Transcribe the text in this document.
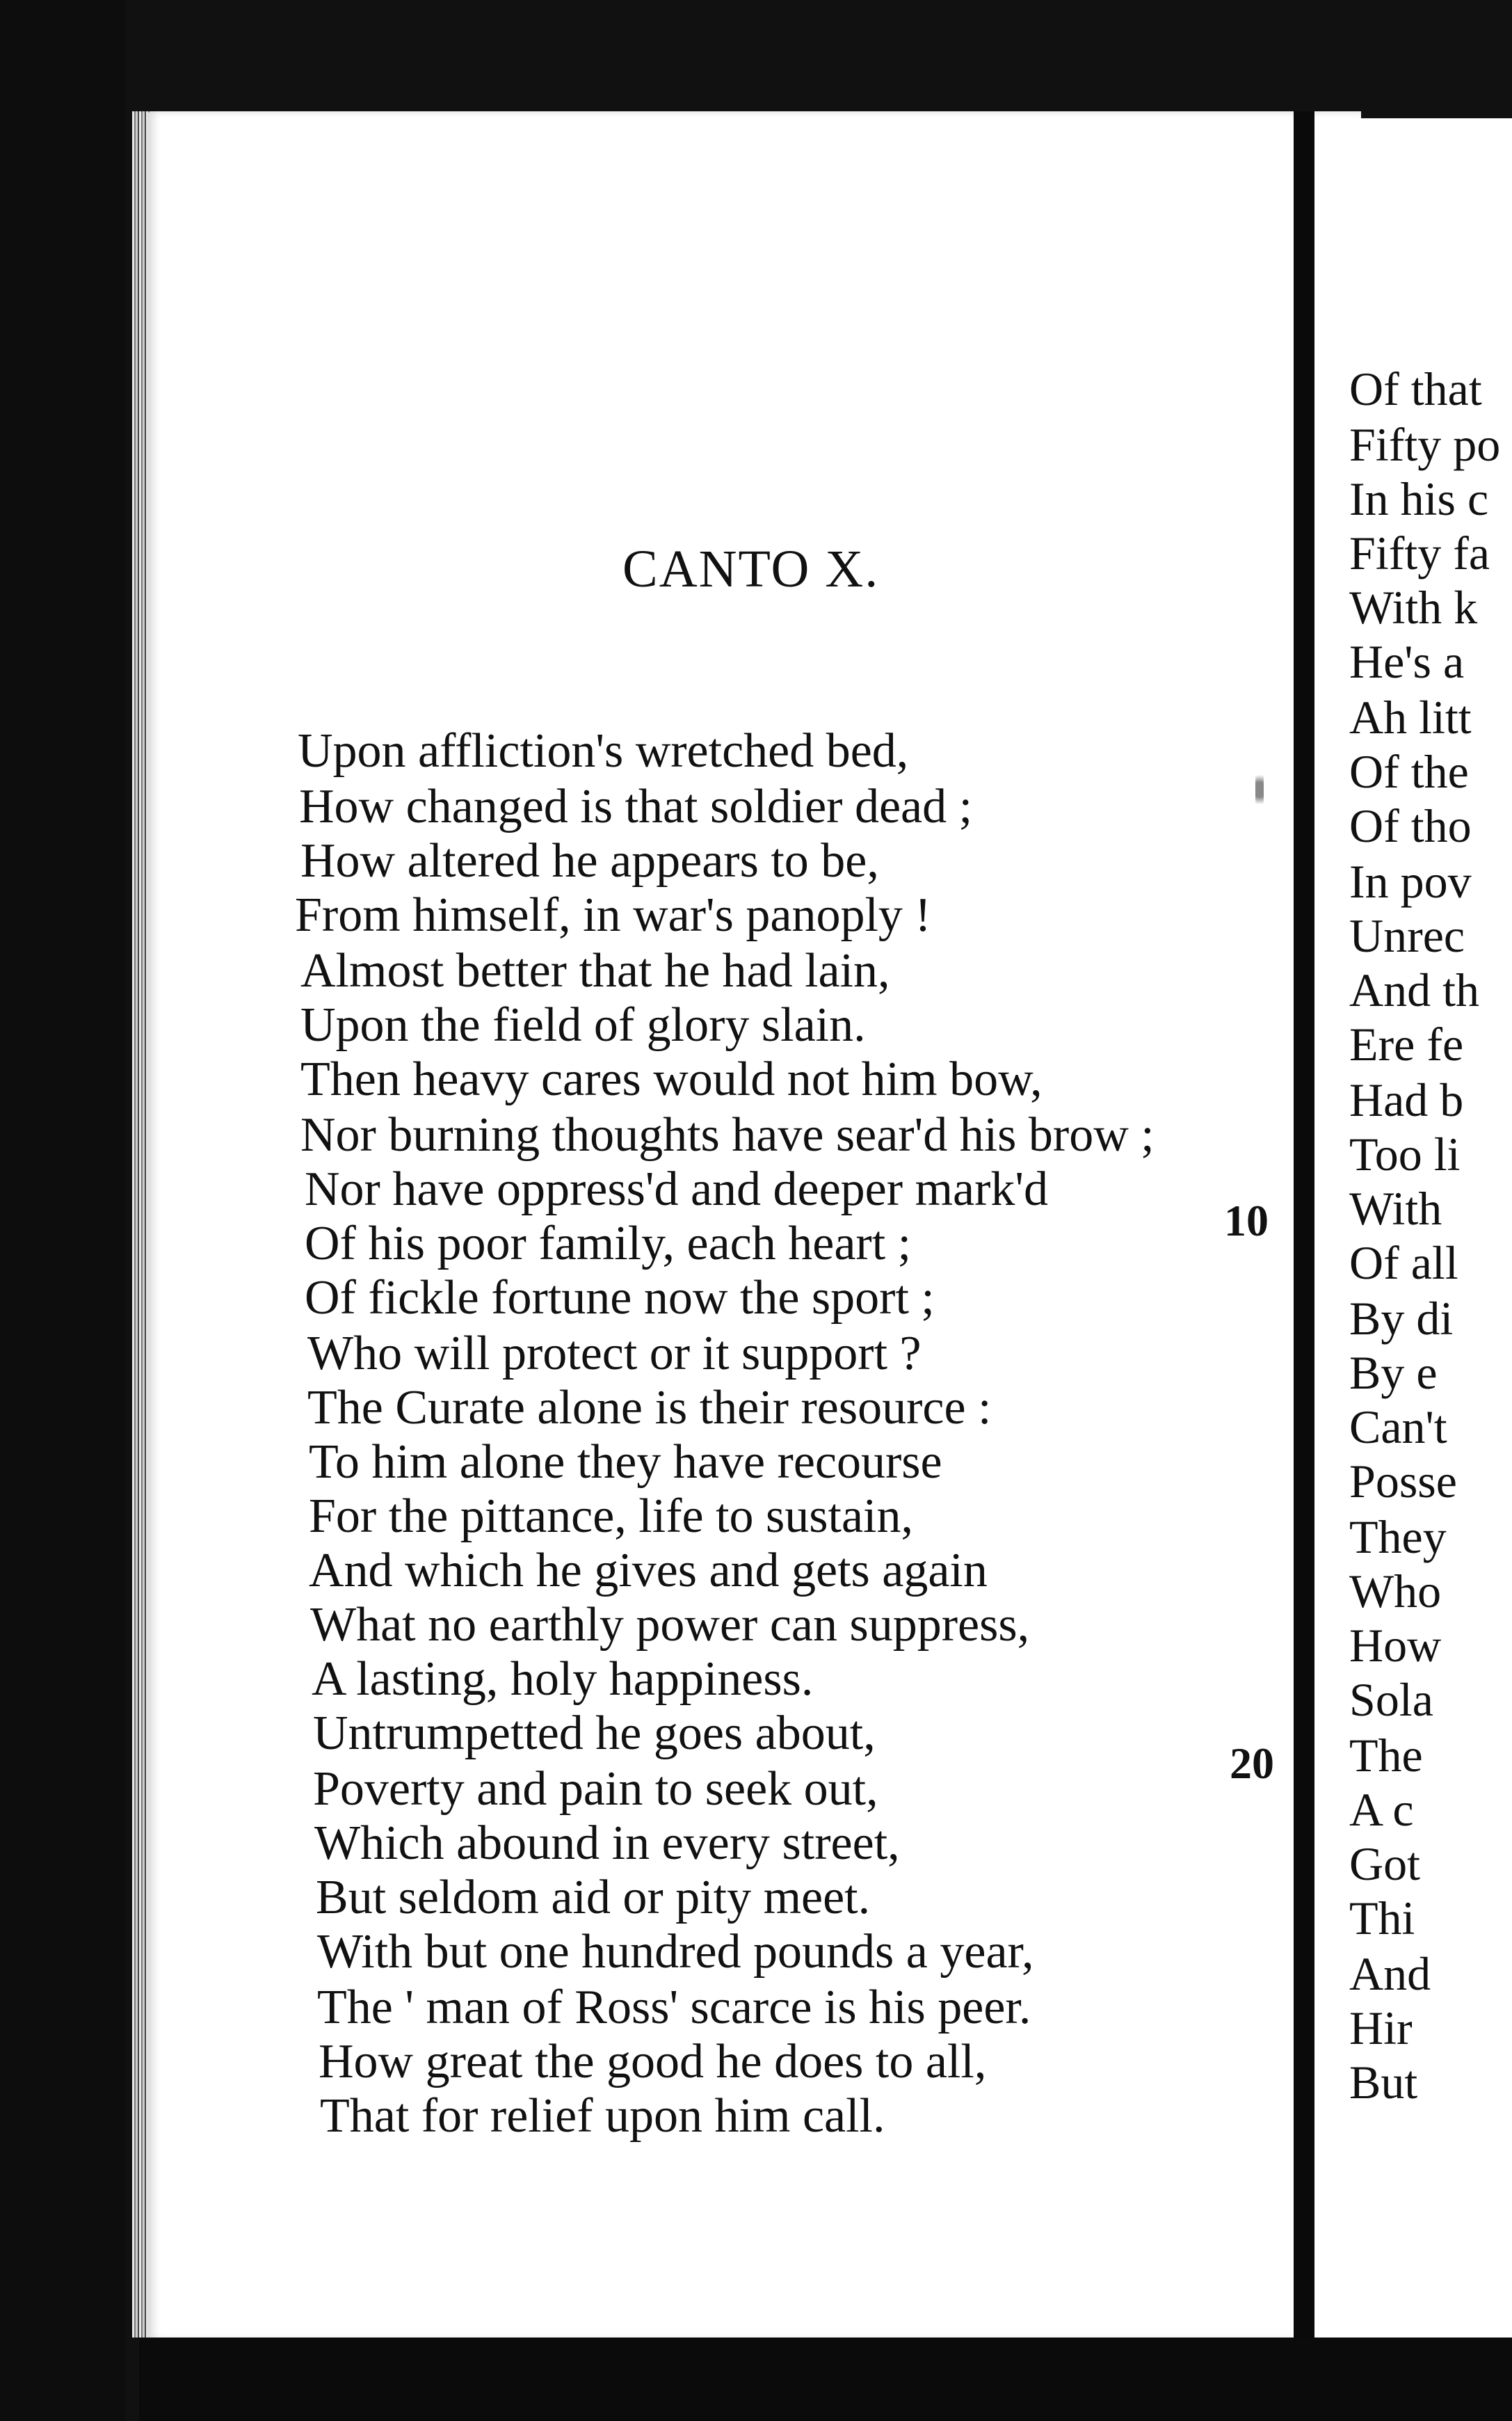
CANTO X.

Upon affliction's wretched bed,

How changed is that soldier dead ;

How altered he appears to be,

From himself, in war's panoply !

Almost better that he had lain,

Upon the field of glory slain.

Then heavy cares would not him bow,

Nor burning thoughts have sear'd his brow ;

Nor have oppress'd and deeper mark'd

Of his poor family, each heart ;

Of fickle fortune now the sport ;

Who will protect or it support ?

The Curate alone is their resource :

To him alone they have recourse

For the pittance, life to sustain,

And which he gives and gets again

What no earthly power can suppress,

A lasting, holy happiness.

Untrumpetted he goes about,

Poverty and pain to seek out,

Which abound in every street,

But seldom aid or pity meet.

With but one hundred pounds a year,

The ' man of Ross' scarce is his peer.

How great the good he does to all,

That for relief upon him call.

10

20

Of that

Fifty po

In his c

Fifty fa

With k

He's a

Ah litt

Of the

Of tho

In pov

Unrec

And th

Ere fe

Had b

Too li

With

Of all

By di

By e

Can't

Posse

They

Who

How

Sola

The

A c

Got

Thi

And

Hir

But
